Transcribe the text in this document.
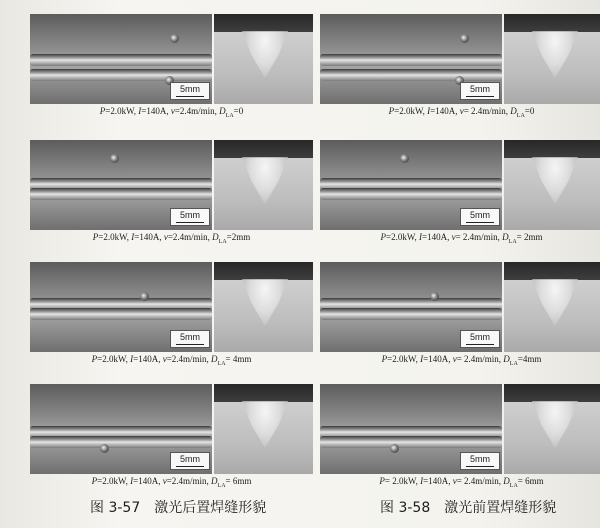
5mm
P=2.0kW, I=140A, v=2.4m/min, $D_{LA}=0$
5mm
P=2.0kW, I=140A, v=2.4m/min, $D_{LA}=2mm$
5mm
P=2.0kW, I=140A, v=2.4m/min, $D_{LA}= 4mm$
5mm
P=2.0kW, I=140A, v=2.4m/min, $D_{LA}= 6mm$
5mm
P=2.0kW, I=140A, v= 2.4m/min, $D_{LA}=0$
5mm
P=2.0kW, I=140A, v= 2.4m/min, $D_{LA}= 2mm$
5mm
P=2.0kW, I=140A, v= 2.4m/min, $D_{LA}=4mm$
5mm
P= 2.0kW, I=140A, v= 2.4m/min, $D_{LA}= 6mm$
图 3-57 激光后置焊缝形貌	图 3-58 激光前置焊缝形貌
